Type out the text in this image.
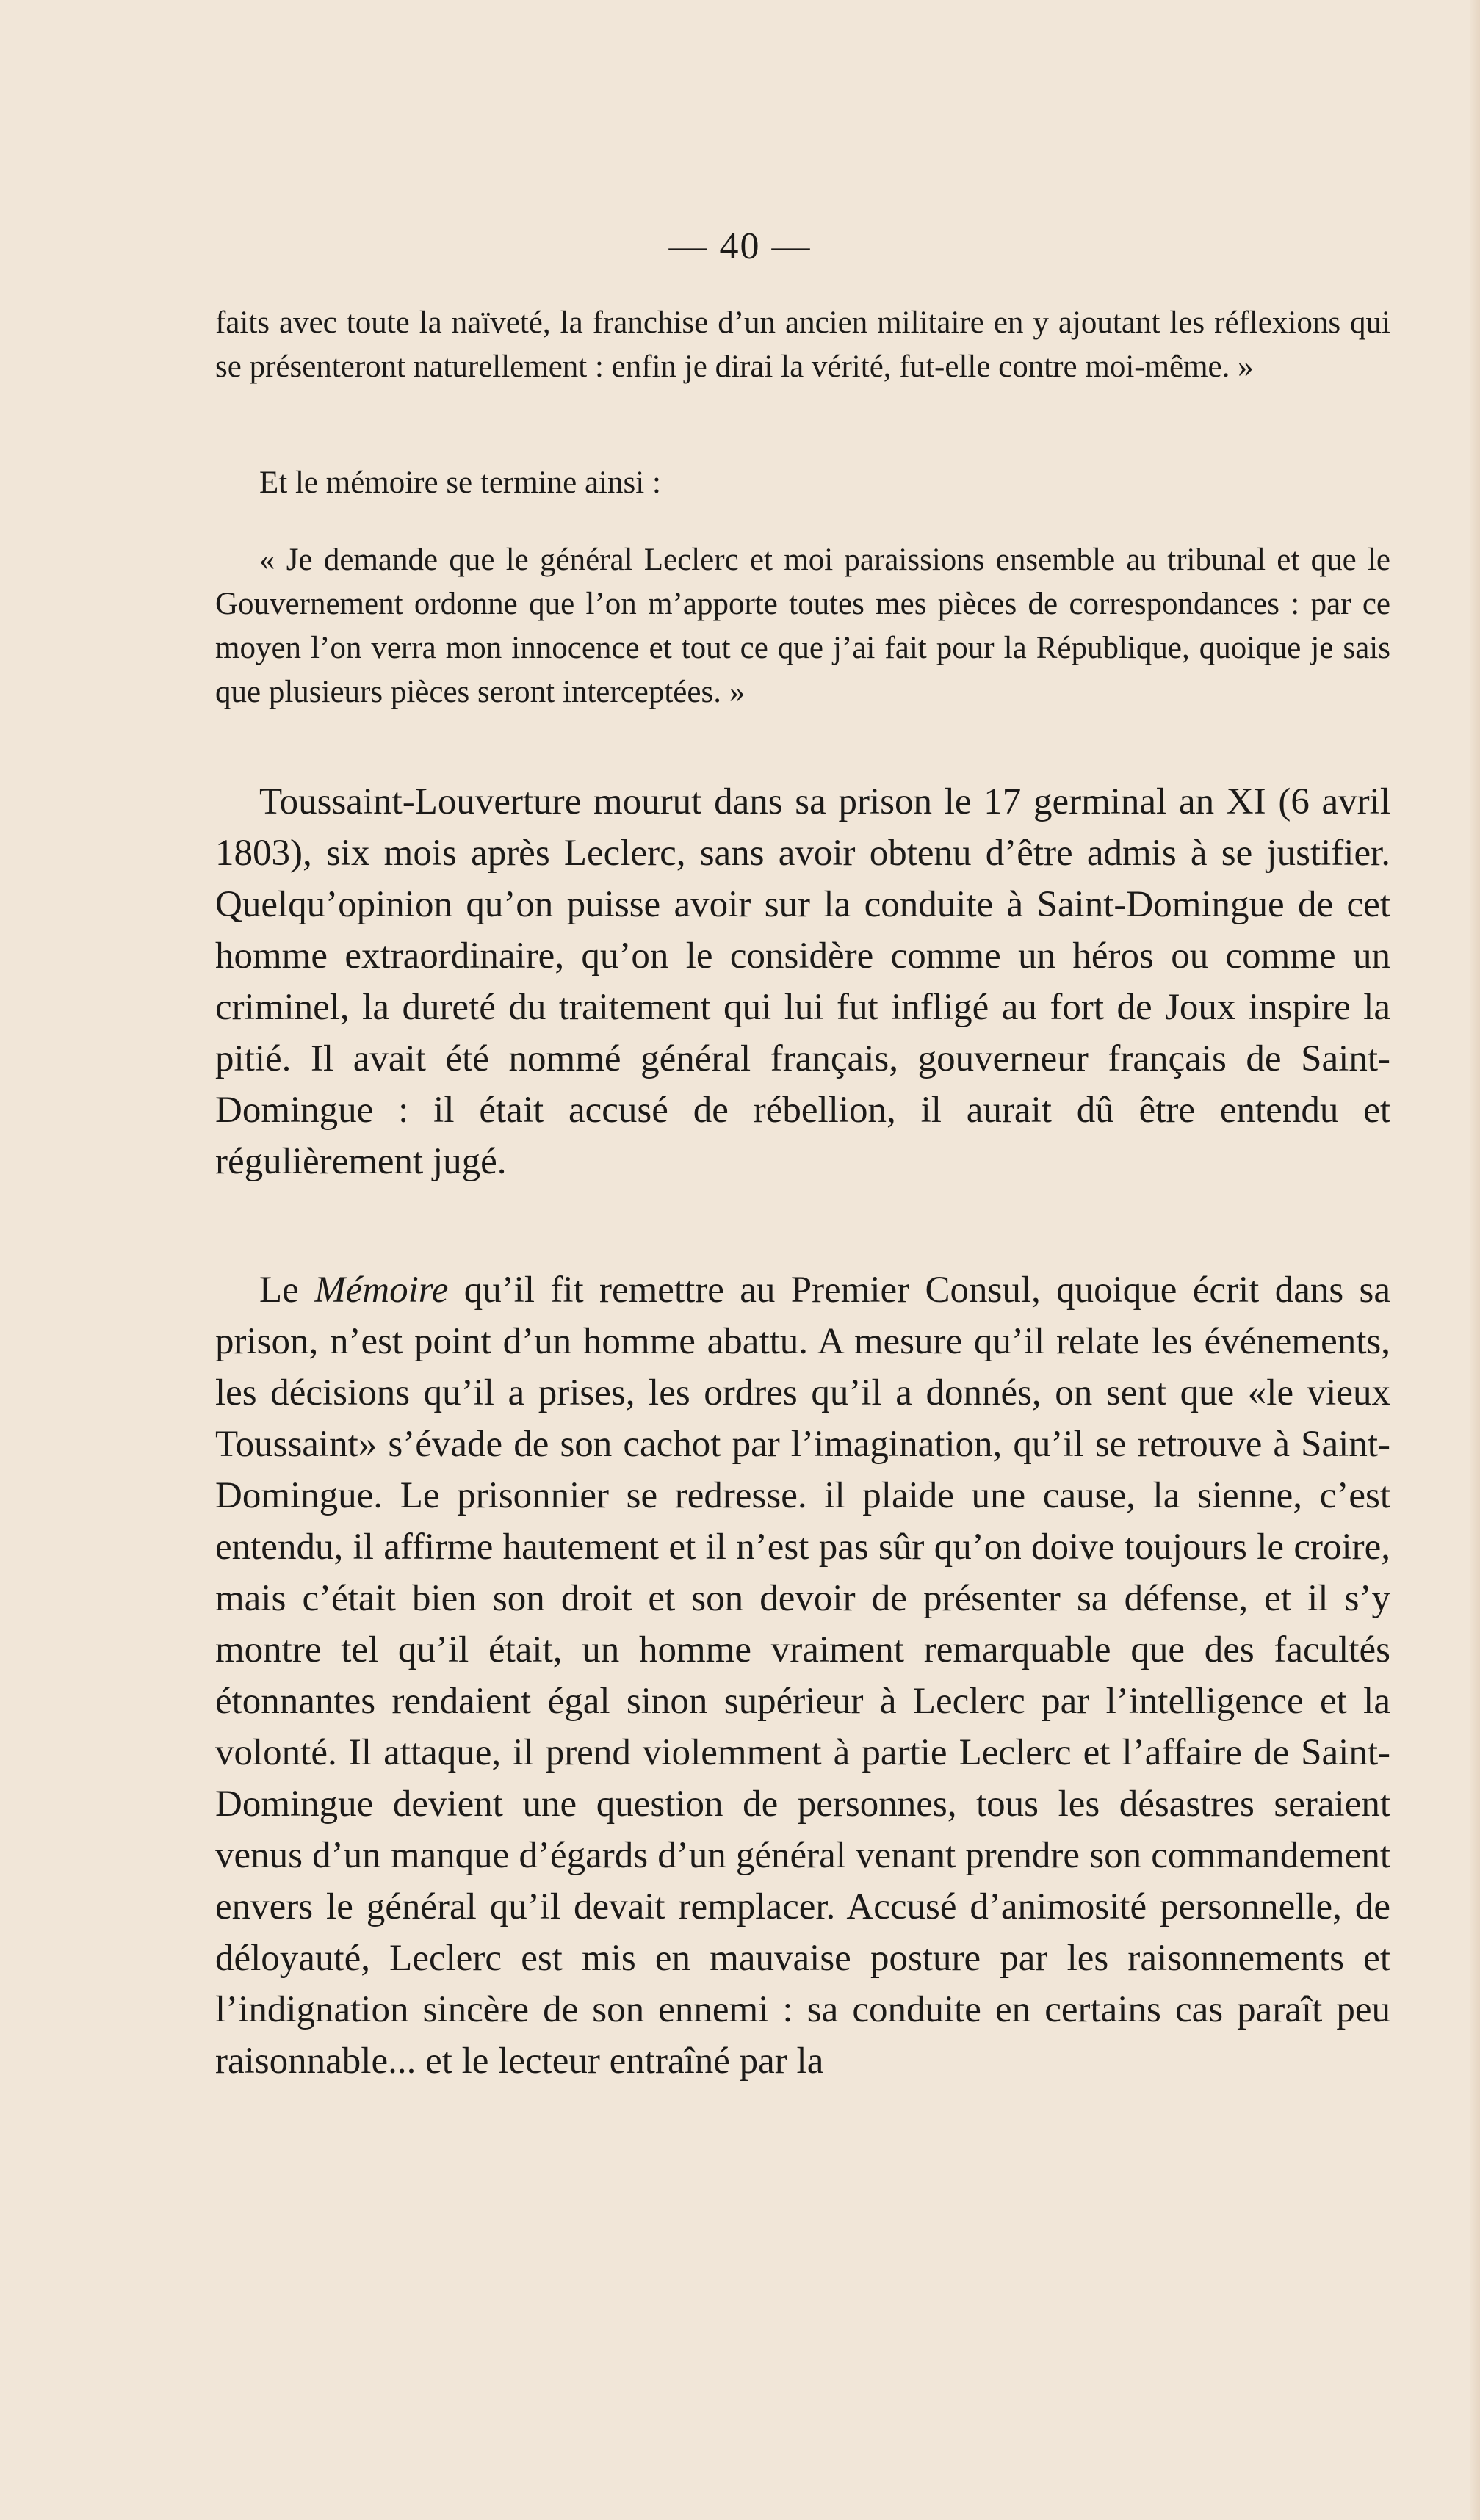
— 40 —

faits avec toute la naïveté, la franchise d’un ancien militaire en y ajoutant les réflexions qui se présenteront naturellement : enfin je dirai la vérité, fut-elle contre moi-même. »

Et le mémoire se termine ainsi :

« Je demande que le général Leclerc et moi paraissions ensemble au tribunal et que le Gouvernement ordonne que l’on m’apporte toutes mes pièces de correspondances : par ce moyen l’on verra mon innocence et tout ce que j’ai fait pour la République, quoique je sais que plusieurs pièces seront interceptées. »

Toussaint-Louverture mourut dans sa prison le 17 germinal an XI (6 avril 1803), six mois après Leclerc, sans avoir obtenu d’être admis à se justifier. Quelqu’opinion qu’on puisse avoir sur la conduite à Saint-Domingue de cet homme extraordinaire, qu’on le considère comme un héros ou comme un criminel, la dureté du traitement qui lui fut infligé au fort de Joux inspire la pitié. Il avait été nommé général français, gouverneur français de Saint-Domingue : il était accusé de rébellion, il aurait dû être entendu et régulièrement jugé.

Le Mémoire qu’il fit remettre au Premier Consul, quoique écrit dans sa prison, n’est point d’un homme abattu. A mesure qu’il relate les événements, les décisions qu’il a prises, les ordres qu’il a donnés, on sent que «le vieux Toussaint» s’évade de son cachot par l’imagination, qu’il se retrouve à Saint-Domingue. Le prisonnier se redresse. il plaide une cause, la sienne, c’est entendu, il affirme hautement et il n’est pas sûr qu’on doive toujours le croire, mais c’était bien son droit et son devoir de présenter sa défense, et il s’y montre tel qu’il était, un homme vraiment remarquable que des facultés étonnantes rendaient égal sinon supérieur à Leclerc par l’intelligence et la volonté. Il attaque, il prend violemment à partie Leclerc et l’affaire de Saint-Domingue devient une question de personnes, tous les désastres seraient venus d’un manque d’égards d’un général venant prendre son commandement envers le général qu’il devait remplacer. Accusé d’animosité personnelle, de déloyauté, Leclerc est mis en mauvaise posture par les raisonnements et l’indignation sincère de son ennemi : sa conduite en certains cas paraît peu raisonnable... et le lecteur entraîné par la
